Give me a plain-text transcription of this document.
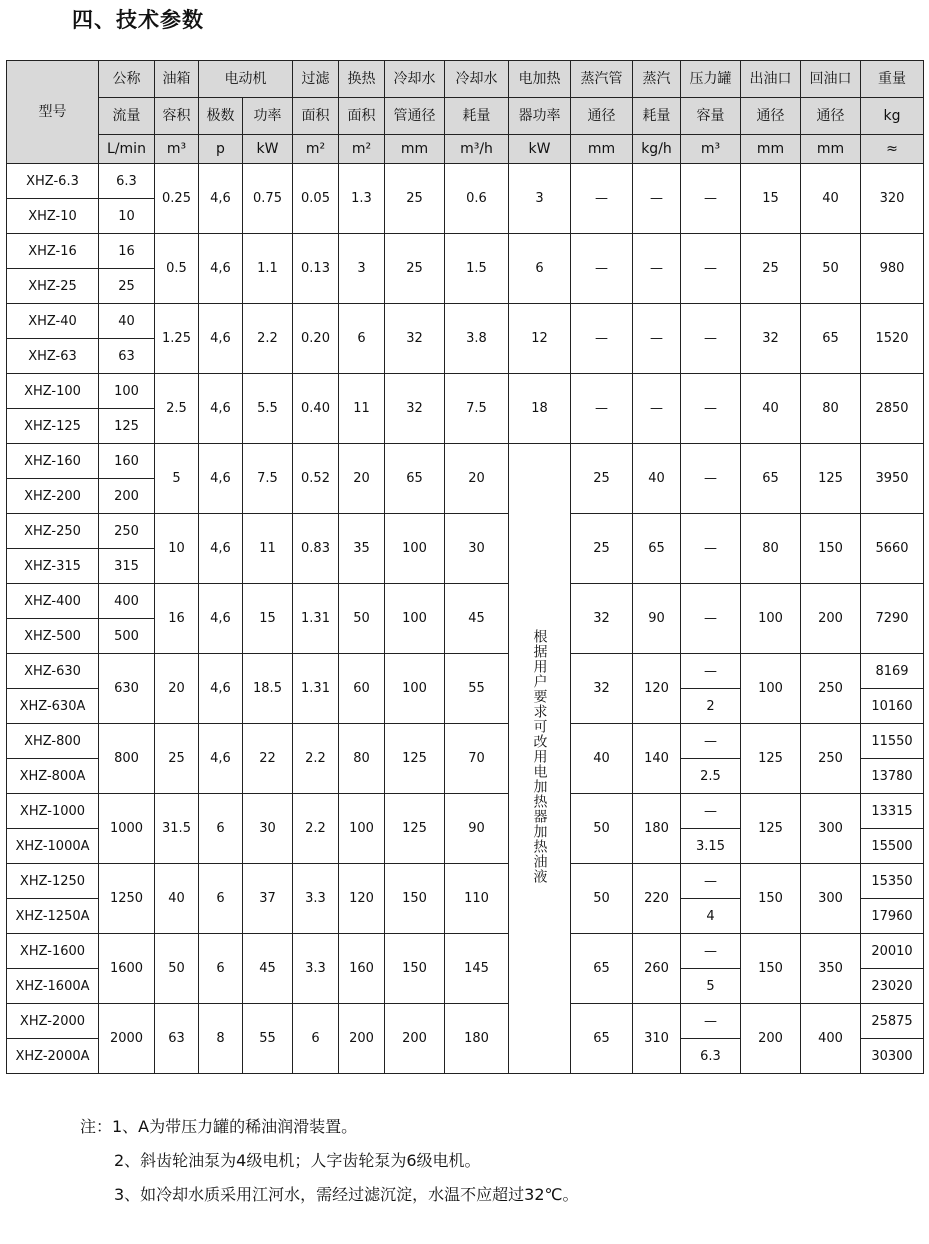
四、技术参数
型号	公称	油箱	电动机		过滤	换热	冷却水	冷却水	电加热	蒸汽管	蒸汽	压力罐	出油口	回油口	重量
	流量	容积	极数	功率	面积	面积	管通径	耗量	器功率	通径	耗量	容量	通径	通径	kg
	L/min	m³	p	kW	m²	m²	mm	m³/h	kW	mm	kg/h	m³	mm	mm	≈
XHZ-6.3	6.3	0.25	4,6	0.75	0.05	1.3	25	0.6	3	—	—	—	15	40	320
XHZ-10	10														
XHZ-16	16	0.5	4,6	1.1	0.13	3	25	1.5	6	—	—	—	25	50	980
XHZ-25	25														
XHZ-40	40	1.25	4,6	2.2	0.20	6	32	3.8	12	—	—	—	32	65	1520
XHZ-63	63														
XHZ-100	100	2.5	4,6	5.5	0.40	11	32	7.5	18	—	—	—	40	80	2850
XHZ-125	125														
XHZ-160	160	5	4,6	7.5	0.52	20	65	20	根据用户要求可改用电加热器加热油液	25	40	—	65	125	3950
XHZ-200	200														
XHZ-250	250	10	4,6	11	0.83	35	100	30		25	65	—	80	150	5660
XHZ-315	315														
XHZ-400	400	16	4,6	15	1.31	50	100	45		32	90	—	100	200	7290
XHZ-500	500														
XHZ-630	630	20	4,6	18.5	1.31	60	100	55		32	120	—	100	250	8169
XHZ-630A												2			10160
XHZ-800	800	25	4,6	22	2.2	80	125	70		40	140	—	125	250	11550
XHZ-800A												2.5			13780
XHZ-1000	1000	31.5	6	30	2.2	100	125	90		50	180	—	125	300	13315
XHZ-1000A												3.15			15500
XHZ-1250	1250	40	6	37	3.3	120	150	110		50	220	—	150	300	15350
XHZ-1250A												4			17960
XHZ-1600	1600	50	6	45	3.3	160	150	145		65	260	—	150	350	20010
XHZ-1600A												5			23020
XHZ-2000	2000	63	8	55	6	200	200	180		65	310	—	200	400	25875
XHZ-2000A												6.3			30300
注：1、A为带压力罐的稀油润滑装置。
2、斜齿轮油泵为4级电机；人字齿轮泵为6级电机。
3、如冷却水质采用江河水，需经过滤沉淀，水温不应超过32℃。
